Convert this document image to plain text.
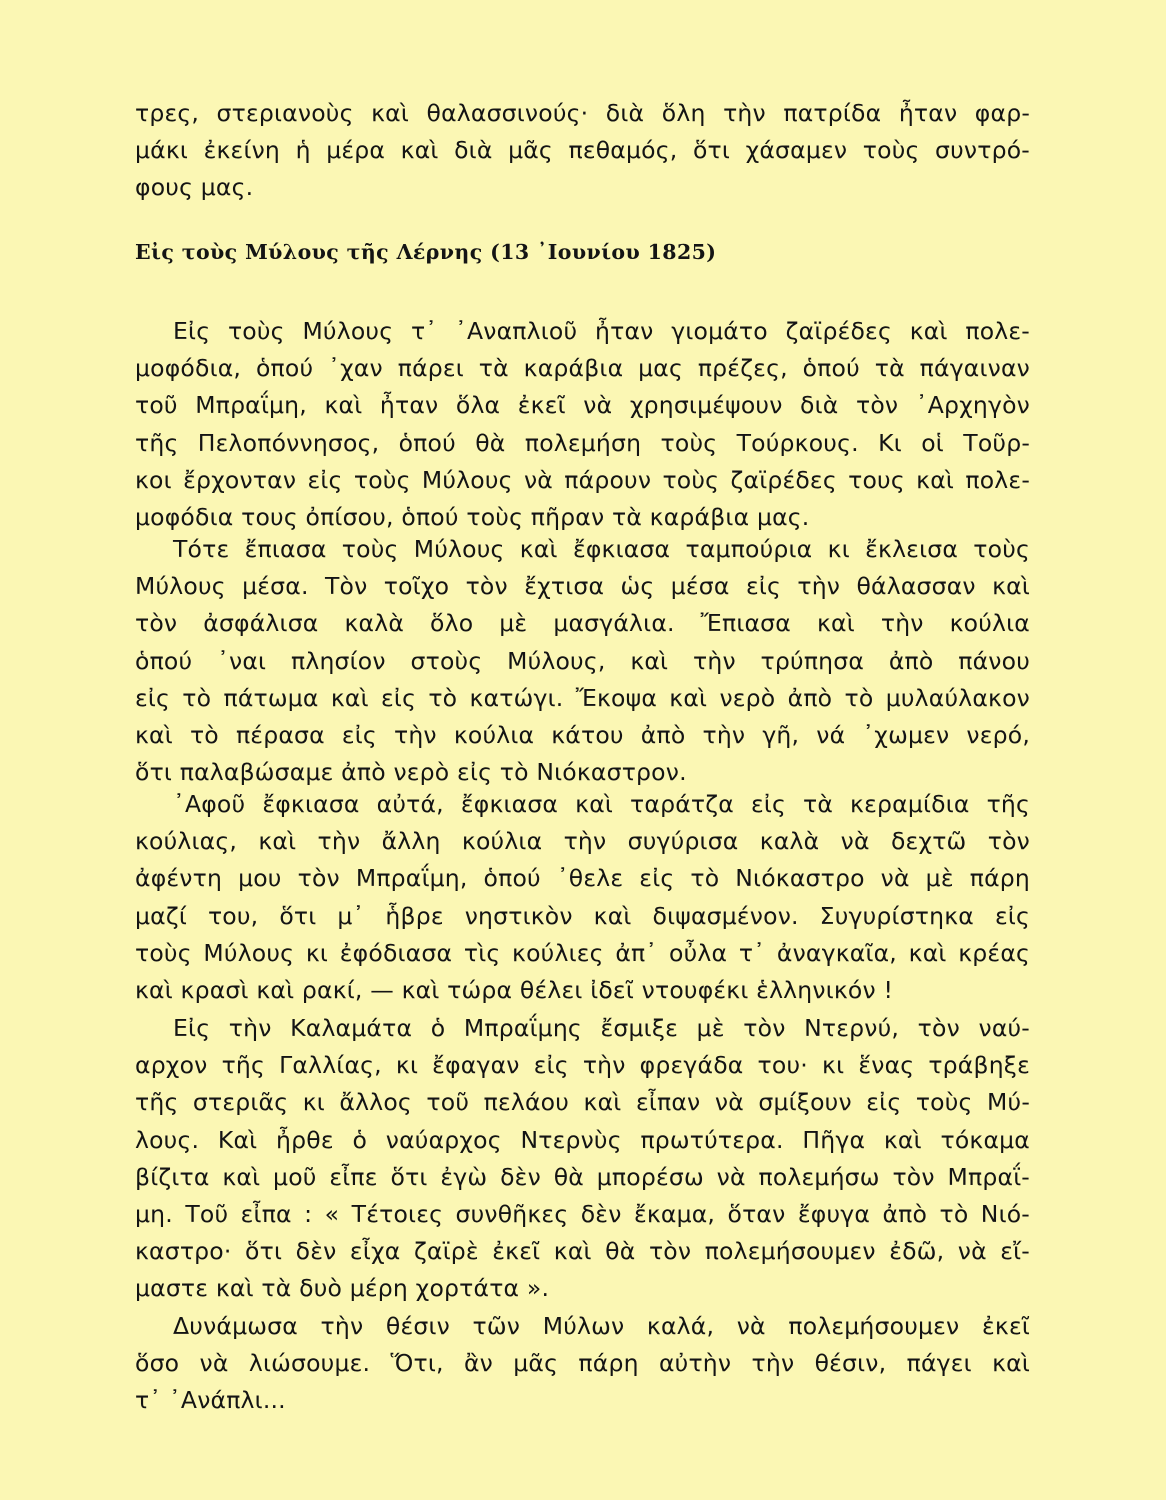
τρες, στεριανοὺς καὶ θαλασσινούς· διὰ ὅλη τὴν πατρίδα ἦταν φαρ-
μάκι ἐκείνη ἡ μέρα καὶ διὰ μᾶς πεθαμός, ὅτι χάσαμεν τοὺς συντρό-
φους μας.
Εἰς τοὺς Μύλους τῆς Λέρνης (13 ᾽Ιουνίου 1825)
Εἰς τοὺς Μύλους τ᾽ ᾽Αναπλιοῦ ἦταν γιομάτο ζαϊρέδες καὶ πολε-
μοφόδια, ὁπού ᾽χαν πάρει τὰ καράβια μας πρέζες, ὁπού τὰ πάγαιναν
τοῦ Μπραΐμη, καὶ ἦταν ὅλα ἐκεῖ νὰ χρησιμέψουν διὰ τὸν ᾽Αρχηγὸν
τῆς Πελοπόννησος, ὁπού θὰ πολεμήση τοὺς Τούρκους. Κι οἱ Τοῦρ-
κοι ἔρχονταν εἰς τοὺς Μύλους νὰ πάρουν τοὺς ζαϊρέδες τους καὶ πολε-
μοφόδια τους ὀπίσου, ὁπού τοὺς πῆραν τὰ καράβια μας.
Τότε ἔπιασα τοὺς Μύλους καὶ ἔφκιασα ταμπούρια κι ἔκλεισα τοὺς
Μύλους μέσα. Τὸν τοῖχο τὸν ἔχτισα ὡς μέσα εἰς τὴν θάλασσαν καὶ
τὸν ἀσφάλισα καλὰ ὅλο μὲ μασγάλια. Ἔπιασα καὶ τὴν κούλια
ὁπού ᾽ναι πλησίον στοὺς Μύλους, καὶ τὴν τρύπησα ἀπὸ πάνου
εἰς τὸ πάτωμα καὶ εἰς τὸ κατώγι. Ἔκοψα καὶ νερὸ ἀπὸ τὸ μυλαύλακον
καὶ τὸ πέρασα εἰς τὴν κούλια κάτου ἀπὸ τὴν γῆ, νά ᾽χωμεν νερό,
ὅτι παλαβώσαμε ἀπὸ νερὸ εἰς τὸ Νιόκαστρον.
᾽Αφοῦ ἔφκιασα αὐτά, ἔφκιασα καὶ ταράτζα εἰς τὰ κεραμίδια τῆς
κούλιας, καὶ τὴν ἄλλη κούλια τὴν συγύρισα καλὰ νὰ δεχτῶ τὸν
ἀφέντη μου τὸν Μπραΐμη, ὁπού ᾽θελε εἰς τὸ Νιόκαστρο νὰ μὲ πάρη
μαζί του, ὅτι μ᾽ ἧβρε νηστικὸν καὶ διψασμένον. Συγυρίστηκα εἰς
τοὺς Μύλους κι ἐφόδιασα τὶς κούλιες ἀπ᾽ οὖλα τ᾽ ἀναγκαῖα, καὶ κρέας
καὶ κρασὶ καὶ ρακί, — καὶ τώρα θέλει ἰδεῖ ντουφέκι ἑλληνικόν !
Εἰς τὴν Καλαμάτα ὁ Μπραΐμης ἔσμιξε μὲ τὸν Ντερνύ, τὸν ναύ-
αρχον τῆς Γαλλίας, κι ἔφαγαν εἰς τὴν φρεγάδα του· κι ἕνας τράβηξε
τῆς στεριᾶς κι ἄλλος τοῦ πελάου καὶ εἶπαν νὰ σμίξουν εἰς τοὺς Μύ-
λους. Καὶ ἦρθε ὁ ναύαρχος Ντερνὺς πρωτύτερα. Πῆγα καὶ τόκαμα
βίζιτα καὶ μοῦ εἶπε ὅτι ἐγὼ δὲν θὰ μπορέσω νὰ πολεμήσω τὸν Μπραΐ-
μη. Τοῦ εἶπα : « Τέτοιες συνθῆκες δὲν ἔκαμα, ὅταν ἔφυγα ἀπὸ τὸ Νιό-
καστρο· ὅτι δὲν εἶχα ζαϊρὲ ἐκεῖ καὶ θὰ τὸν πολεμήσουμεν ἐδῶ, νὰ εἴ-
μαστε καὶ τὰ δυὸ μέρη χορτάτα ».
Δυνάμωσα τὴν θέσιν τῶν Μύλων καλά, νὰ πολεμήσουμεν ἐκεῖ
ὅσο νὰ λιώσουμε. Ὅτι, ἂν μᾶς πάρη αὐτὴν τὴν θέσιν, πάγει καὶ
τ᾽ ᾽Ανάπλι...
